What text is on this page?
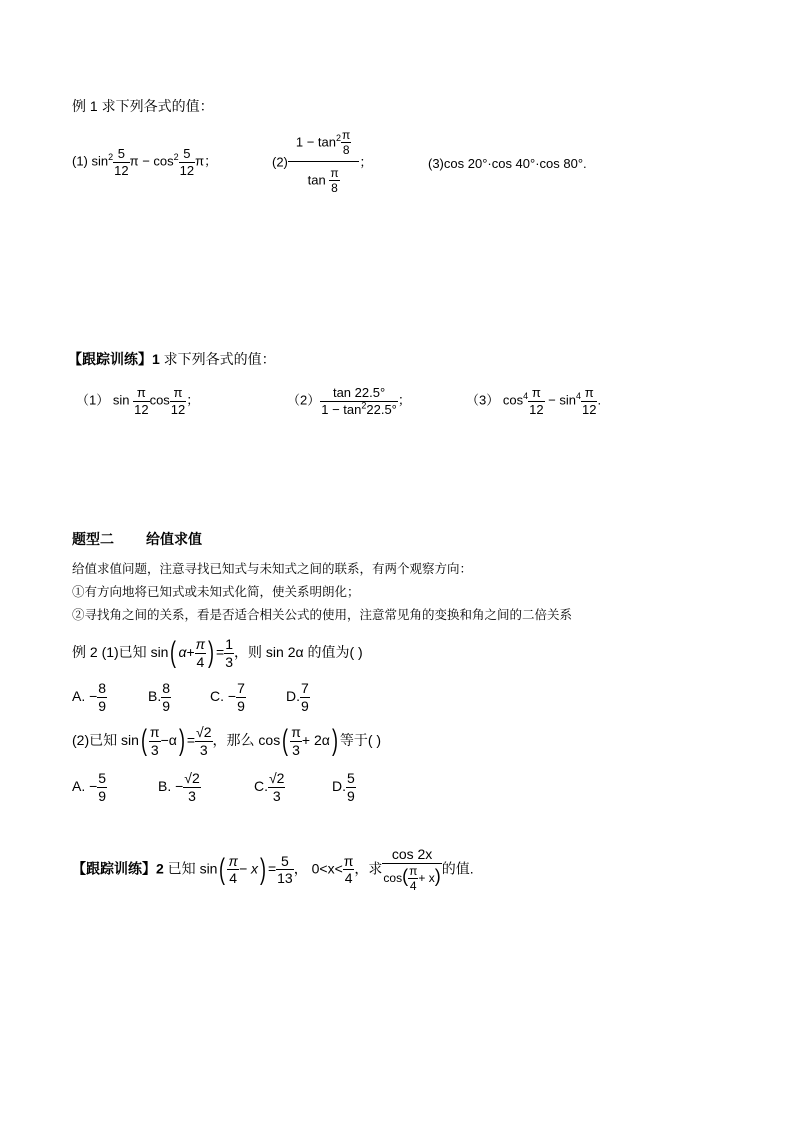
例 1 求下列各式的值：
(1) $\sin^2 \frac{5}{12}$ $\pi - \cos^2 \frac{5}{12}$ π；	$(2) \frac{1 - \tan^2 \frac{\pi}{8}}{\tan \frac{\pi}{8}}$ ；	(3)cos 20°·cos 40°·cos 80°.
【跟踪训练】1 求下列各式的值：
（1） $\sin \frac{\pi}{12}$ $\cos \frac{\pi}{12}$ ；	$(2) \frac{\tan 22.5^\circ}{1 - \tan^222.5^\circ}$ ；	（3） $\cos^4 \frac{\pi}{12} - \sin^4 \frac{\pi}{12}$ .
题型二 给值求值
给值求值问题，注意寻找已知式与未知式之间的联系，有两个观察方向：
①有方向地将已知式或未知式化简，使关系明朗化；
②寻找角之间的关系，看是否适合相关公式的使用，注意常见角的变换和角之间的二倍关系
例 2 (1)已知 sin( $\alpha+ \frac{\pi}{4}$ ) = $\frac{1}{3}$ ，则 sin 2α 的值为( )
A. − $\frac{8}{9}$	B. $\frac{8}{9}$	C. − $\frac{7}{9}$	D. $\frac{7}{9}$
(2)已知 $\sin( \frac{\pi}{3} -\alpha) = \frac{√2}{3}$ ，那么 $\cos( \frac{\pi}{3} + 2\alpha)$ 等于( )
A. − $\frac{5}{9}$	B. − $\frac{√2}{3}$	C. $\frac{√2}{3}$	D. $\frac{5}{9}$
【跟踪训练】2 已知 $\sin( \frac{\pi}{4} - x) = \frac{5}{13}$ ， $0<x< \frac{\pi}{4}$ ，求 $\frac{\cos 2x}{\cos( \frac{\pi}{4} + x)}$ 的值.
